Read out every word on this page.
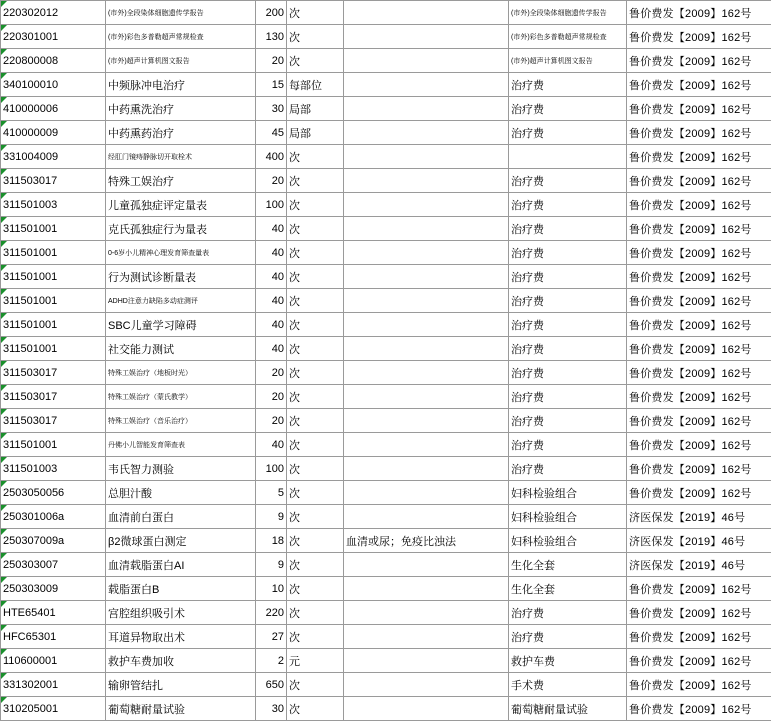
220302012	(市外)全段染体细胞遗传学报告	200	次		(市外)全段染体细胞遗传学报告	鲁价费发【2009】162号
220301001	(市外)彩色多普勒超声常规检查	130	次		(市外)彩色多普勒超声常规检查	鲁价费发【2009】162号
220800008	(市外)超声计算机图文报告	20	次		(市外)超声计算机图文报告	鲁价费发【2009】162号
340100010	中频脉冲电治疗	15	每部位		治疗费	鲁价费发【2009】162号
410000006	中药熏洗治疗	30	局部		治疗费	鲁价费发【2009】162号
410000009	中药熏药治疗	45	局部		治疗费	鲁价费发【2009】162号
331004009	经肛门镜痔静脉切开取栓术	400	次			鲁价费发【2009】162号
311503017	特殊工娱治疗	20	次		治疗费	鲁价费发【2009】162号
311501003	儿童孤独症评定量表	100	次		治疗费	鲁价费发【2009】162号
311501001	克氏孤独症行为量表	40	次		治疗费	鲁价费发【2009】162号
311501001	0-6岁小儿精神心理发育筛查量表	40	次		治疗费	鲁价费发【2009】162号
311501001	行为测试诊断量表	40	次		治疗费	鲁价费发【2009】162号
311501001	ADHD注意力缺陷多动症测评	40	次		治疗费	鲁价费发【2009】162号
311501001	SBC儿童学习障碍	40	次		治疗费	鲁价费发【2009】162号
311501001	社交能力测试	40	次		治疗费	鲁价费发【2009】162号
311503017	特殊工娱治疗（地板时光）	20	次		治疗费	鲁价费发【2009】162号
311503017	特殊工娱治疗（蒙氏教学）	20	次		治疗费	鲁价费发【2009】162号
311503017	特殊工娱治疗（音乐治疗）	20	次		治疗费	鲁价费发【2009】162号
311501001	丹佛小儿智能发育筛查表	40	次		治疗费	鲁价费发【2009】162号
311501003	韦氏智力测验	100	次		治疗费	鲁价费发【2009】162号
2503050056	总胆汁酸	5	次		妇科检验组合	鲁价费发【2009】162号
250301006a	血清前白蛋白	9	次		妇科检验组合	济医保发【2019】46号
250307009a	β2微球蛋白测定	18	次	血清或尿；免疫比浊法	妇科检验组合	济医保发【2019】46号
250303007	血清载脂蛋白AI	9	次		生化全套	济医保发【2019】46号
250303009	载脂蛋白B	10	次		生化全套	鲁价费发【2009】162号
HTE65401	宫腔组织吸引术	220	次		治疗费	鲁价费发【2009】162号
HFC65301	耳道异物取出术	27	次		治疗费	鲁价费发【2009】162号
110600001	救护车费加收	2	元		救护车费	鲁价费发【2009】162号
331302001	输卵管结扎	650	次		手术费	鲁价费发【2009】162号
310205001	葡萄糖耐量试验	30	次		葡萄糖耐量试验	鲁价费发【2009】162号
